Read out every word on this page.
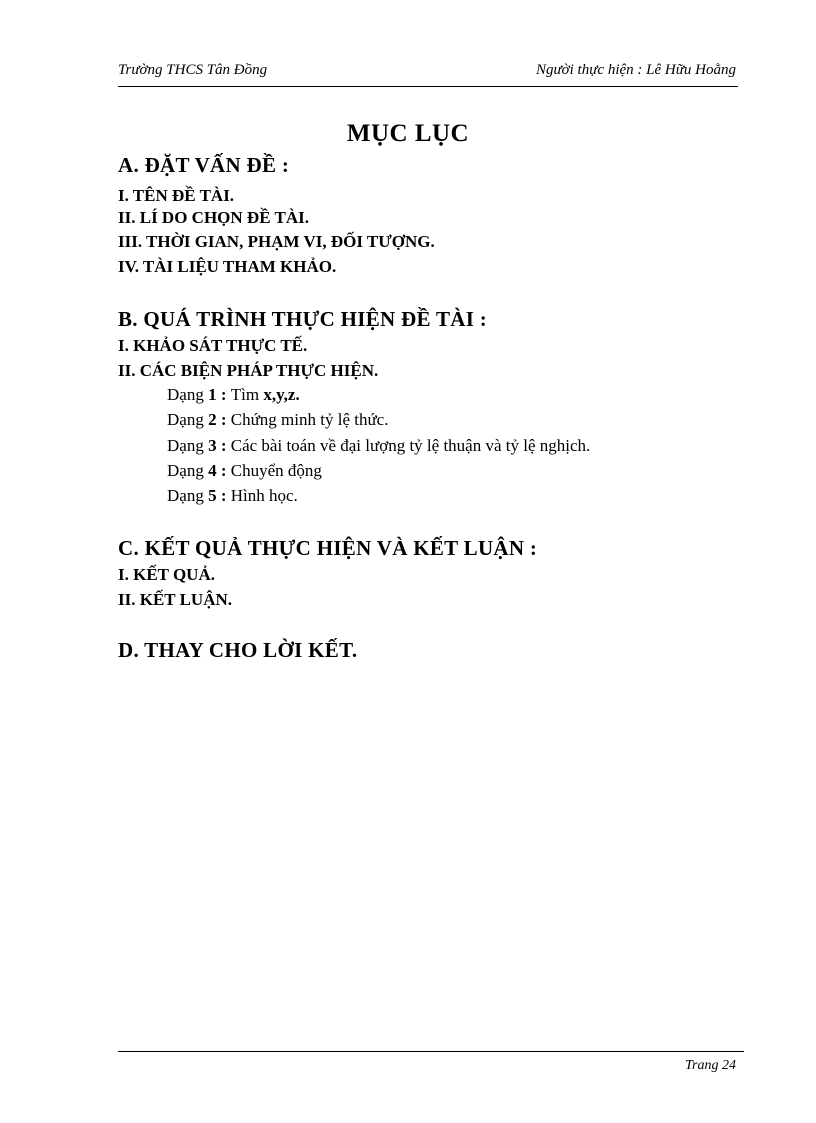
Trường THCS Tân Đồng	Người thực hiện : Lê Hữu Hoằng
MỤC LỤC
A. ĐẶT VẤN ĐỀ :
I. TÊN ĐỀ TÀI.
II. LÍ DO CHỌN ĐỀ TÀI.
III. THỜI GIAN, PHẠM VI, ĐỐI TƯỢNG.
IV. TÀI LIỆU THAM KHẢO.
B. QUÁ TRÌNH THỰC HIỆN ĐỀ TÀI :
I. KHẢO SÁT THỰC TẾ.
II. CÁC BIỆN PHÁP THỰC HIỆN.
Dạng 1 : Tìm x,y,z.
Dạng 2 : Chứng minh tỷ lệ thức.
Dạng 3 : Các bài toán về đại lượng tỷ lệ thuận và tỷ lệ nghịch.
Dạng 4 : Chuyển động
Dạng 5 : Hình học.
C. KẾT QUẢ THỰC HIỆN VÀ KẾT LUẬN :
I. KẾT QUẢ.
II. KẾT LUẬN.
D. THAY CHO LỜI KẾT.
Trang 24
